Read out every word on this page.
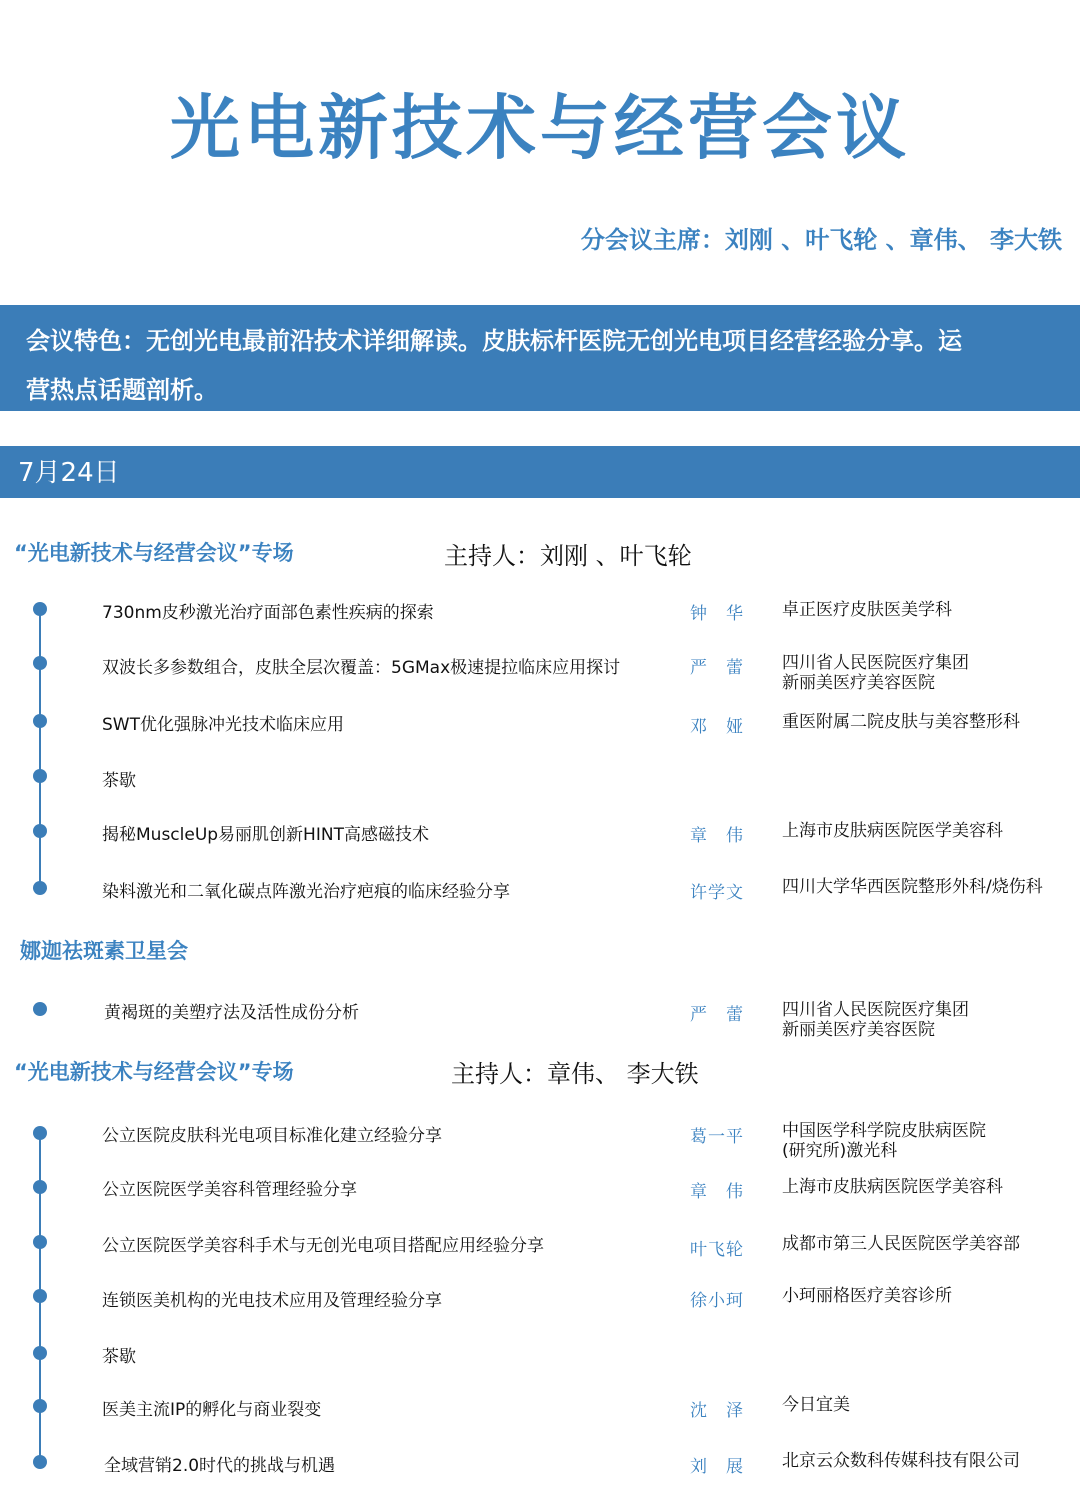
光电新技术与经营会议
分会议主席：刘刚 、叶飞轮 、章伟、 李大铁
会议特色：无创光电最前沿技术详细解读。皮肤标杆医院无创光电项目经营经验分享。运
营热点话题剖析。
7月24日
“光电新技术与经营会议”专场	主持人：刘刚 、叶飞轮
730nm皮秒激光治疗面部色素性疾病的探索	钟　华 卓正医疗皮肤医美学科
双波长多参数组合，皮肤全层次覆盖：5GMax极速提拉临床应用探讨	严　蕾 四川省人民医院医疗集团
新丽美医疗美容医院
SWT优化强脉冲光技术临床应用	邓　娅 重医附属二院皮肤与美容整形科
茶歇
揭秘MuscleUp易丽肌创新HINT高感磁技术	章　伟 上海市皮肤病医院医学美容科
染料激光和二氧化碳点阵激光治疗疤痕的临床经验分享	许学文 四川大学华西医院整形外科/烧伤科
娜迦祛斑素卫星会
黄褐斑的美塑疗法及活性成份分析	严　蕾 四川省人民医院医疗集团
新丽美医疗美容医院
“光电新技术与经营会议”专场	主持人：章伟、 李大铁
公立医院皮肤科光电项目标准化建立经验分享	葛一平 中国医学科学院皮肤病医院
(研究所)激光科
公立医院医学美容科管理经验分享	章　伟 上海市皮肤病医院医学美容科
公立医院医学美容科手术与无创光电项目搭配应用经验分享	叶飞轮 成都市第三人民医院医学美容部
连锁医美机构的光电技术应用及管理经验分享	徐小珂 小珂丽格医疗美容诊所
茶歇
医美主流IP的孵化与商业裂变	沈　泽 今日宜美
全域营销2.0时代的挑战与机遇	刘　展 北京云众数科传媒科技有限公司
